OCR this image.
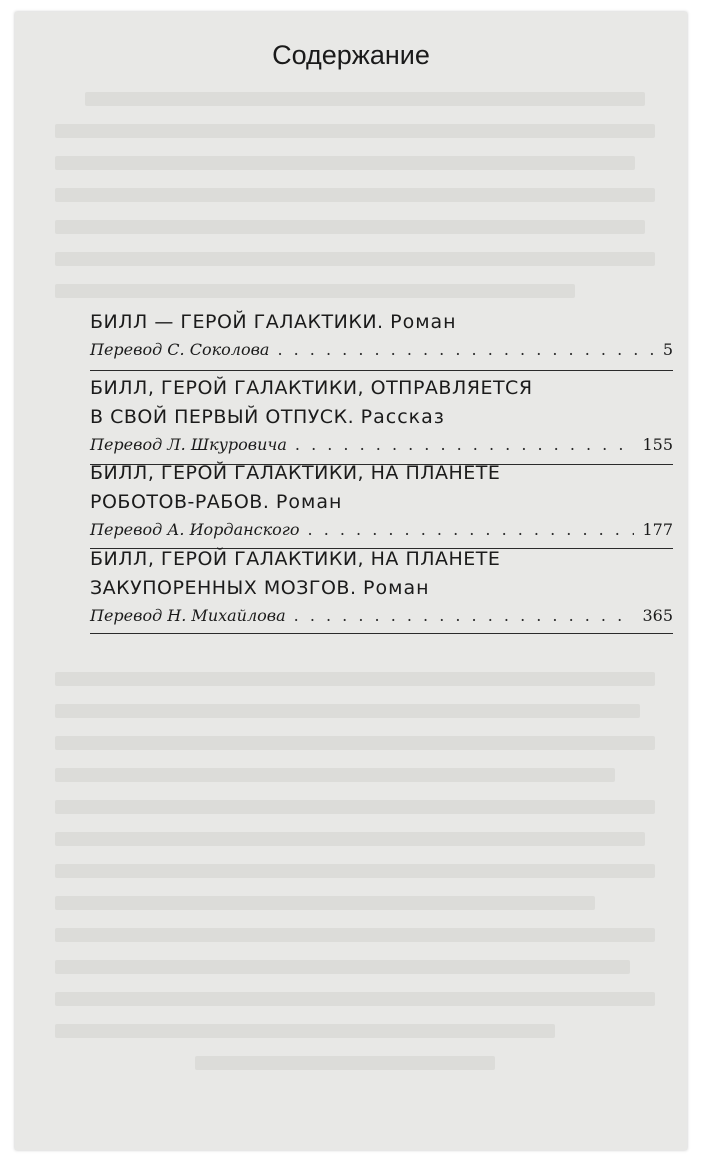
Содержание
БИЛЛ — ГЕРОЙ ГАЛАКТИКИ. Роман
Перевод С. Соколова . . .	5
БИЛЛ, ГЕРОЙ ГАЛАКТИКИ, ОТПРАВЛЯЕТСЯ
В СВОЙ ПЕРВЫЙ ОТПУСК. Рассказ
Перевод Л. Шкуровича . . .	155
БИЛЛ, ГЕРОЙ ГАЛАКТИКИ, НА ПЛАНЕТЕ
РОБОТОВ-РАБОВ. Роман
Перевод А. Иорданского . . .	177
БИЛЛ, ГЕРОЙ ГАЛАКТИКИ, НА ПЛАНЕТЕ
ЗАКУПОРЕННЫХ МОЗГОВ. Роман
Перевод Н. Михайлова . . .	365
